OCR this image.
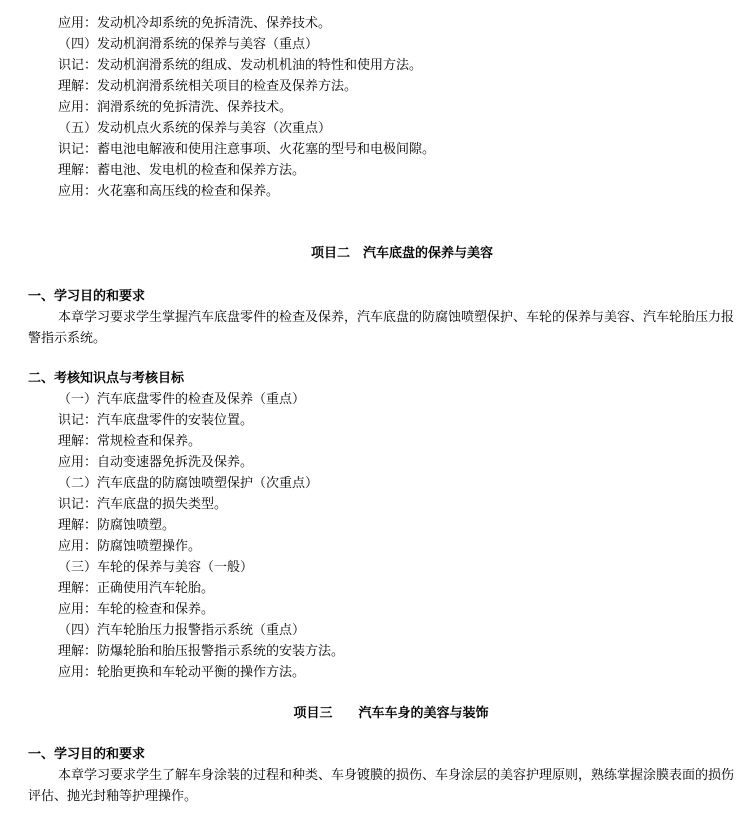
应用：发动机冷却系统的免拆清洗、保养技术。
（四）发动机润滑系统的保养与美容（重点）
识记：发动机润滑系统的组成、发动机机油的特性和使用方法。
理解：发动机润滑系统相关项目的检查及保养方法。
应用：润滑系统的免拆清洗、保养技术。
（五）发动机点火系统的保养与美容（次重点）
识记：蓄电池电解液和使用注意事项、火花塞的型号和电极间隙。
理解：蓄电池、发电机的检查和保养方法。
应用：火花塞和高压线的检查和保养。
项目二　汽车底盘的保养与美容
一、学习目的和要求
本章学习要求学生掌握汽车底盘零件的检查及保养，汽车底盘的防腐蚀喷塑保护、车轮的保养与美容、汽车轮胎压力报警指示系统。
二、考核知识点与考核目标
（一）汽车底盘零件的检查及保养（重点）
识记：汽车底盘零件的安装位置。
理解：常规检查和保养。
应用：自动变速器免拆洗及保养。
（二）汽车底盘的防腐蚀喷塑保护（次重点）
识记：汽车底盘的损失类型。
理解：防腐蚀喷塑。
应用：防腐蚀喷塑操作。
（三）车轮的保养与美容（一般）
理解：正确使用汽车轮胎。
应用：车轮的检查和保养。
（四）汽车轮胎压力报警指示系统（重点）
理解：防爆轮胎和胎压报警指示系统的安装方法。
应用：轮胎更换和车轮动平衡的操作方法。
项目三　　汽车车身的美容与装饰
一、学习目的和要求
本章学习要求学生了解车身涂装的过程和种类、车身镀膜的损伤、车身涂层的美容护理原则，熟练掌握涂膜表面的损伤评估、抛光封釉等护理操作。
